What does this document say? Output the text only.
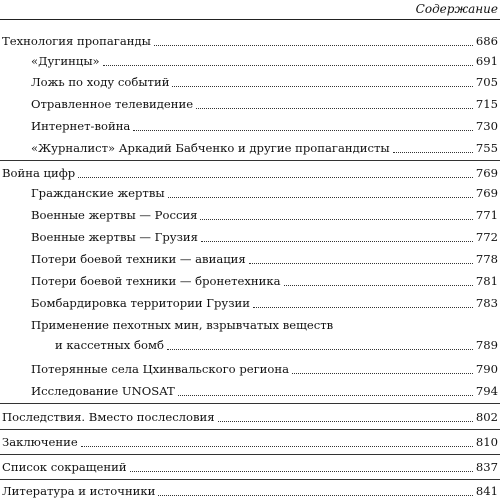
Содержание
Технология пропаганды	686
«Дугинцы»	691
Ложь по ходу событий	705
Отравленное телевидение	715
Интернет-война	730
«Журналист» Аркадий Бабченко и другие пропагандисты	755
Война цифр	769
Гражданские жертвы	769
Военные жертвы — Россия	771
Военные жертвы — Грузия	772
Потери боевой техники — авиация	778
Потери боевой техники — бронетехника	781
Бомбардировка территории Грузии	783
Применение пехотных мин, взрывчатых веществ
и кассетных бомб	789
Потерянные села Цхинвальского региона	790
Исследование UNOSAT	794
Последствия. Вместо послесловия	802
Заключение	810
Список сокращений	837
Литература и источники	841
